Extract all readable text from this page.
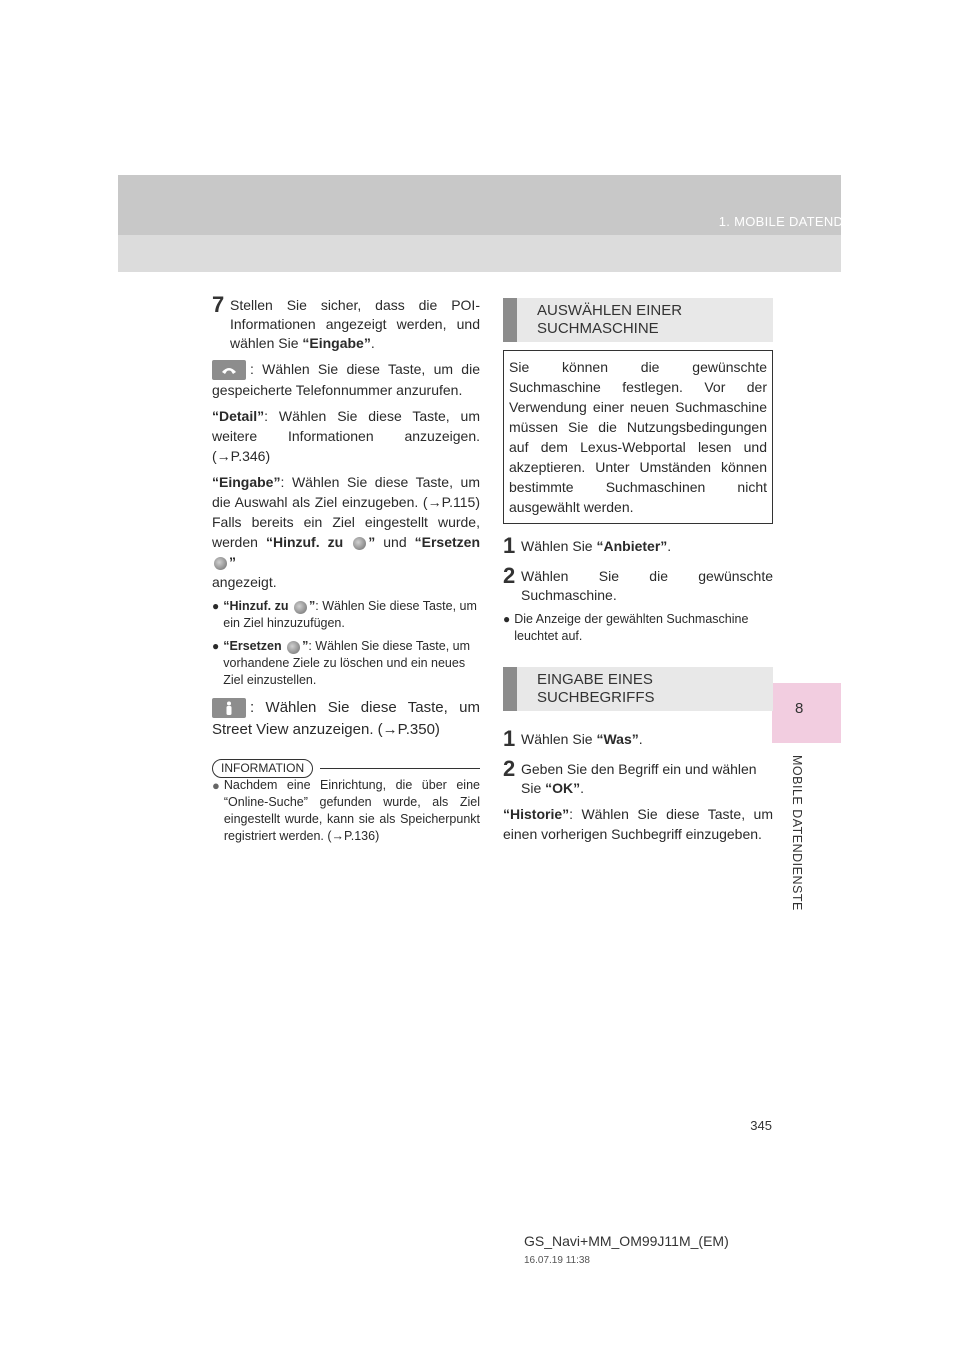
1. MOBILE DATENDIENSTE
8
MOBILE DATENDIENSTE
7 Stellen Sie sicher, dass die POI-Informationen angezeigt werden, und wählen Sie “Eingabe”.

: Wählen Sie diese Taste, um die gespeicherte Telefonnummer anzurufen.

“Detail”: Wählen Sie diese Taste, um weitere Informationen anzuzeigen. (→P.346)

“Eingabe”: Wählen Sie diese Taste, um die Auswahl als Ziel einzugeben. (→P.115) Falls bereits ein Ziel eingestellt wurde, werden “Hinzuf. zu ” und “Ersetzen ”
angezeigt.

● “Hinzuf. zu ”: Wählen Sie diese Taste, um ein Ziel hinzuzufügen.
● “Ersetzen ”: Wählen Sie diese Taste, um vorhandene Ziele zu löschen und ein neues Ziel einzustellen.

: Wählen Sie diese Taste, um Street View anzuzeigen. (→P.350)

INFORMATION
● Nachdem eine Einrichtung, die über eine “Online-Suche” gefunden wurde, als Ziel eingestellt wurde, kann sie als Speicherpunkt registriert werden. (→P.136)
AUSWÄHLEN EINER SUCHMASCHINE
Sie können die gewünschte Suchmaschine festlegen. Vor der Verwendung einer neuen Suchmaschine müssen Sie die Nutzungsbedingungen auf dem Lexus-Webportal lesen und akzeptieren. Unter Umständen können bestimmte Suchmaschinen nicht ausgewählt werden.
1 Wählen Sie “Anbieter”.
2 Wählen Sie die gewünschte Suchmaschine.
● Die Anzeige der gewählten Suchmaschine leuchtet auf.
EINGABE EINES SUCHBEGRIFFS
1 Wählen Sie “Was”.
2 Geben Sie den Begriff ein und wählen Sie “OK”.

“Historie”: Wählen Sie diese Taste, um einen vorherigen Suchbegriff einzugeben.

345
GS_Navi+MM_OM99J11M_(EM)
16.07.19 11:38
